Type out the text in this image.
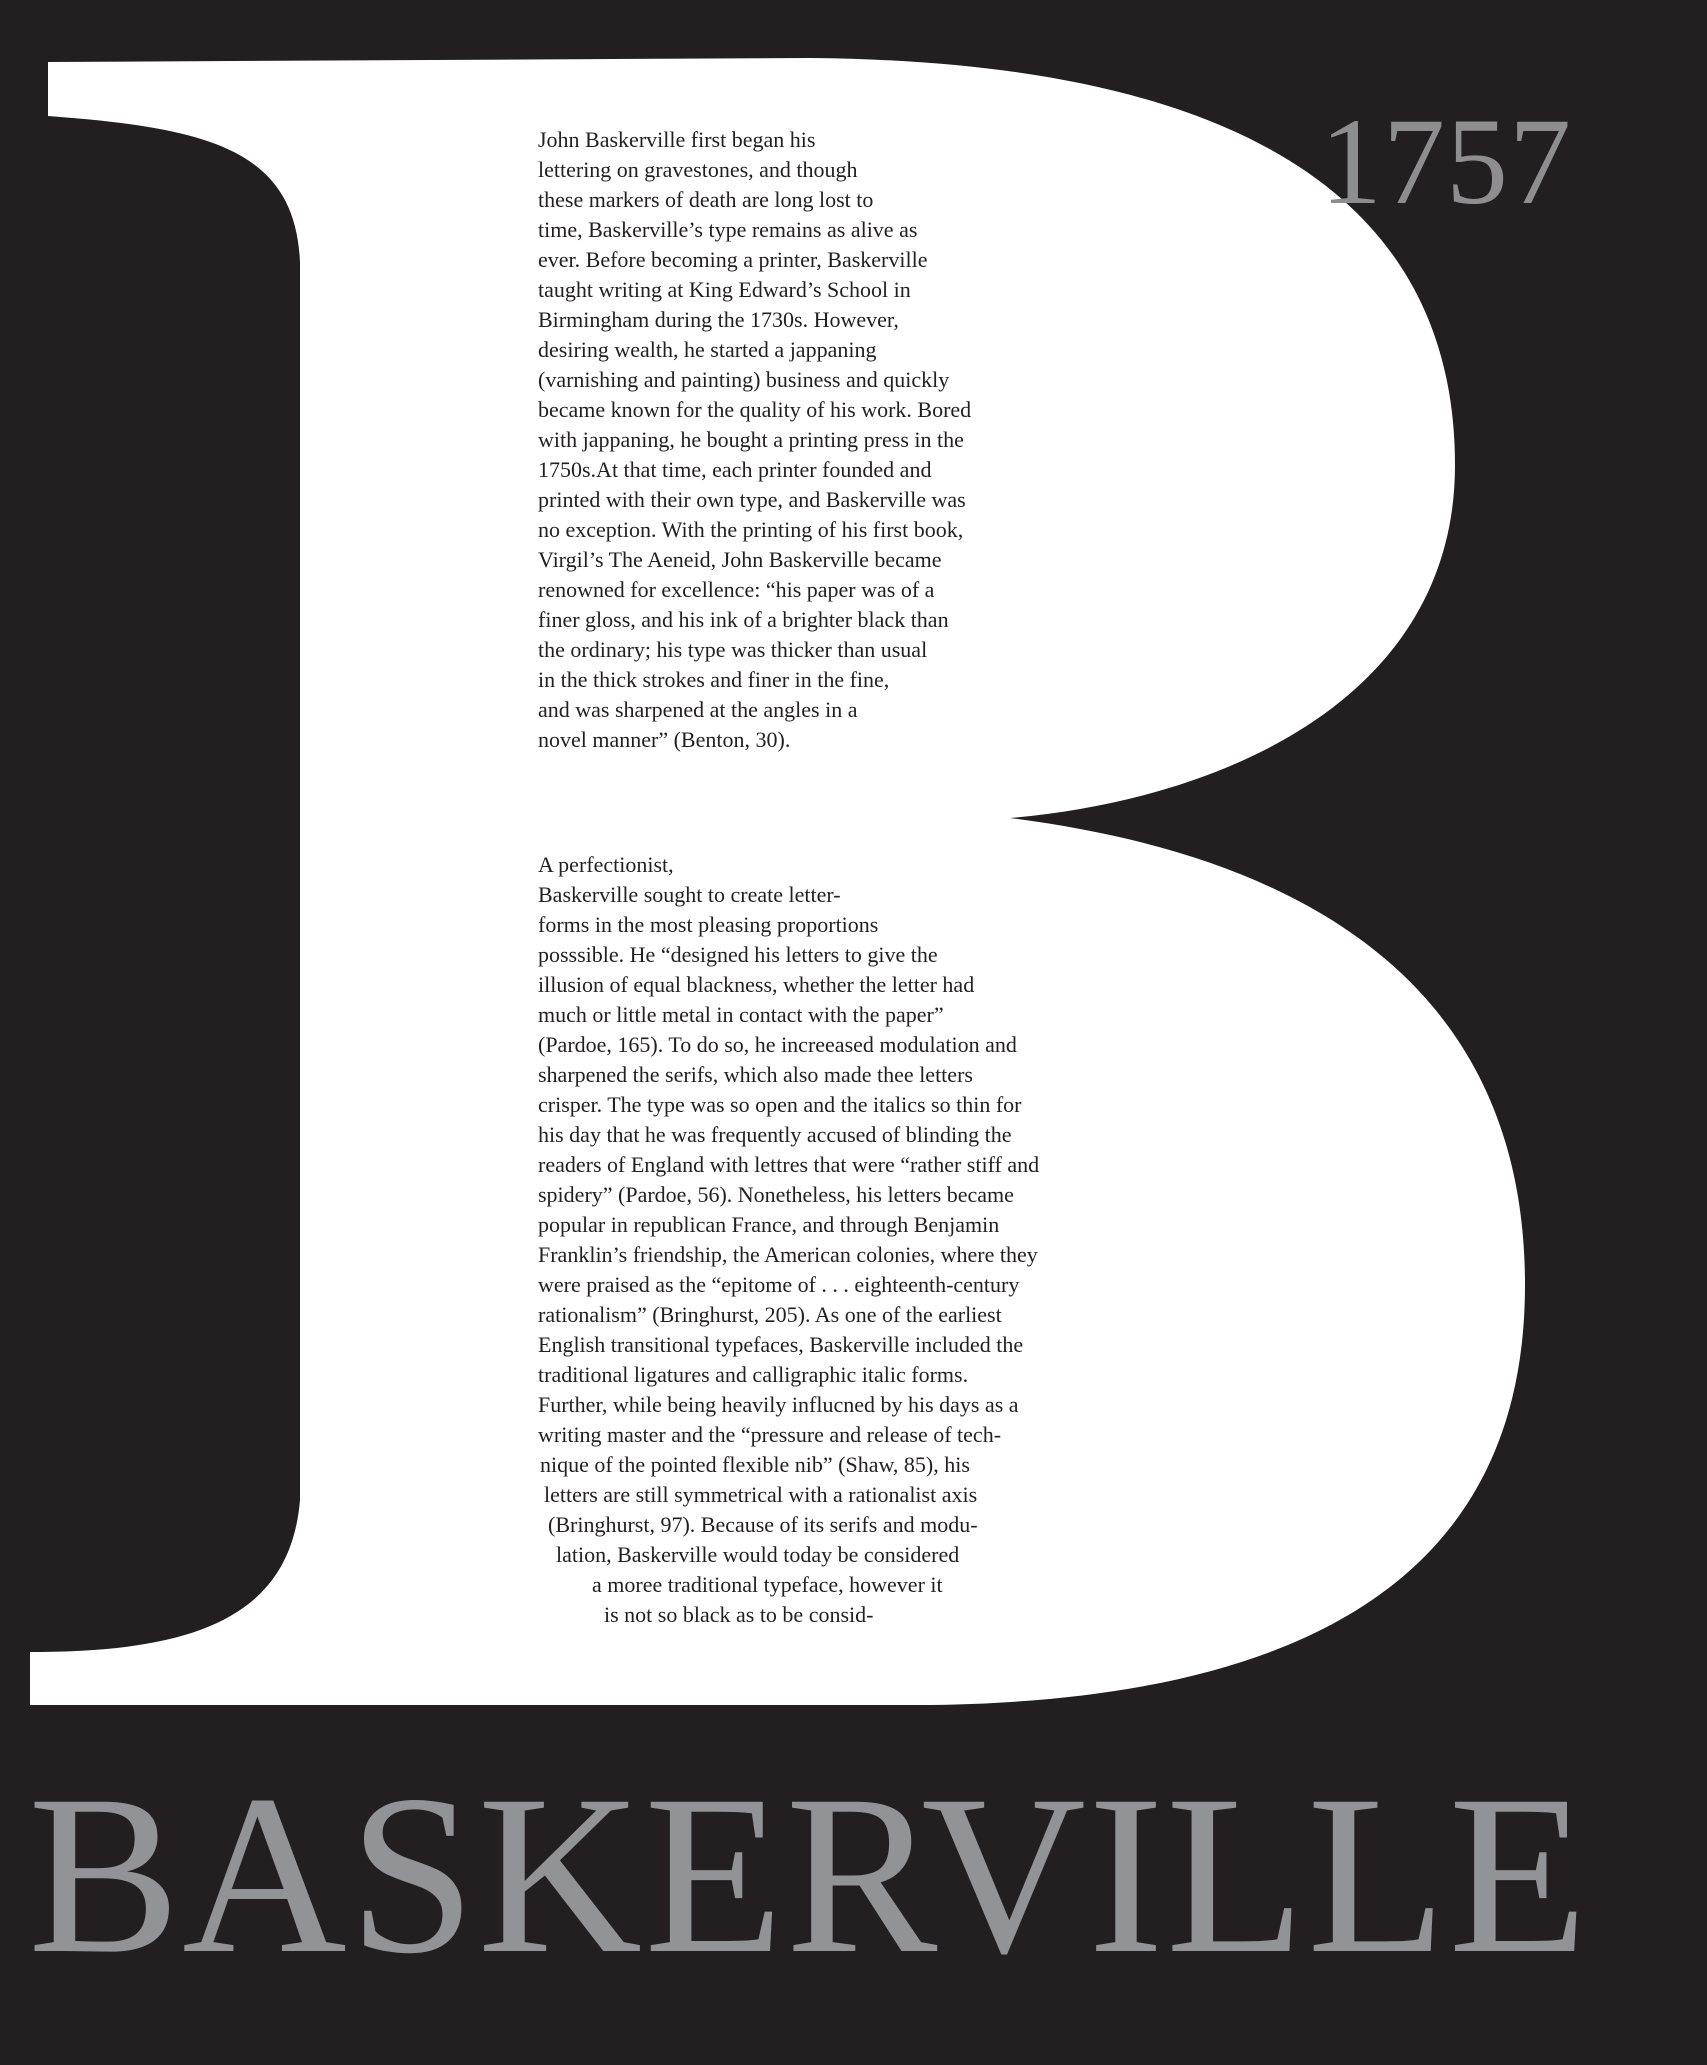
1757
John Baskerville first began his
lettering on gravestones, and though
these markers of death are long lost to
time, Baskerville’s type remains as alive as
ever. Before becoming a printer, Baskerville
taught writing at King Edward’s School in
Birmingham during the 1730s. However,
desiring wealth, he started a jappaning
(varnishing and painting) business and quickly
became known for the quality of his work. Bored
with jappaning, he bought a printing press in the
1750s.At that time, each printer founded and
printed with their own type, and Baskerville was
no exception. With the printing of his first book,
Virgil’s The Aeneid, John Baskerville became
renowned for excellence: “his paper was of a
finer gloss, and his ink of a brighter black than
the ordinary; his type was thicker than usual
in the thick strokes and finer in the fine,
and was sharpened at the angles in a
novel manner” (Benton, 30).
A perfectionist,
Baskerville sought to create letter-
forms in the most pleasing proportions
posssible. He “designed his letters to give the
illusion of equal blackness, whether the letter had
much or little metal in contact with the paper”
(Pardoe, 165). To do so, he increeased modulation and
sharpened the serifs, which also made thee letters
crisper. The type was so open and the italics so thin for
his day that he was frequently accused of blinding the
readers of England with lettres that were “rather stiff and
spidery” (Pardoe, 56). Nonetheless, his letters became
popular in republican France, and through Benjamin
Franklin’s friendship, the American colonies, where they
were praised as the “epitome of . . . eighteenth-century
rationalism” (Bringhurst, 205). As one of the earliest
English transitional typefaces, Baskerville included the
traditional ligatures and calligraphic italic forms.
Further, while being heavily influcned by his days as a
writing master and the “pressure and release of tech-
nique of the pointed flexible nib” (Shaw, 85), his
letters are still symmetrical with a rationalist axis
(Bringhurst, 97). Because of its serifs and modu-
lation, Baskerville would today be considered
a moree traditional typeface, however it
is not so black as to be consid-
BASKERVILLE
